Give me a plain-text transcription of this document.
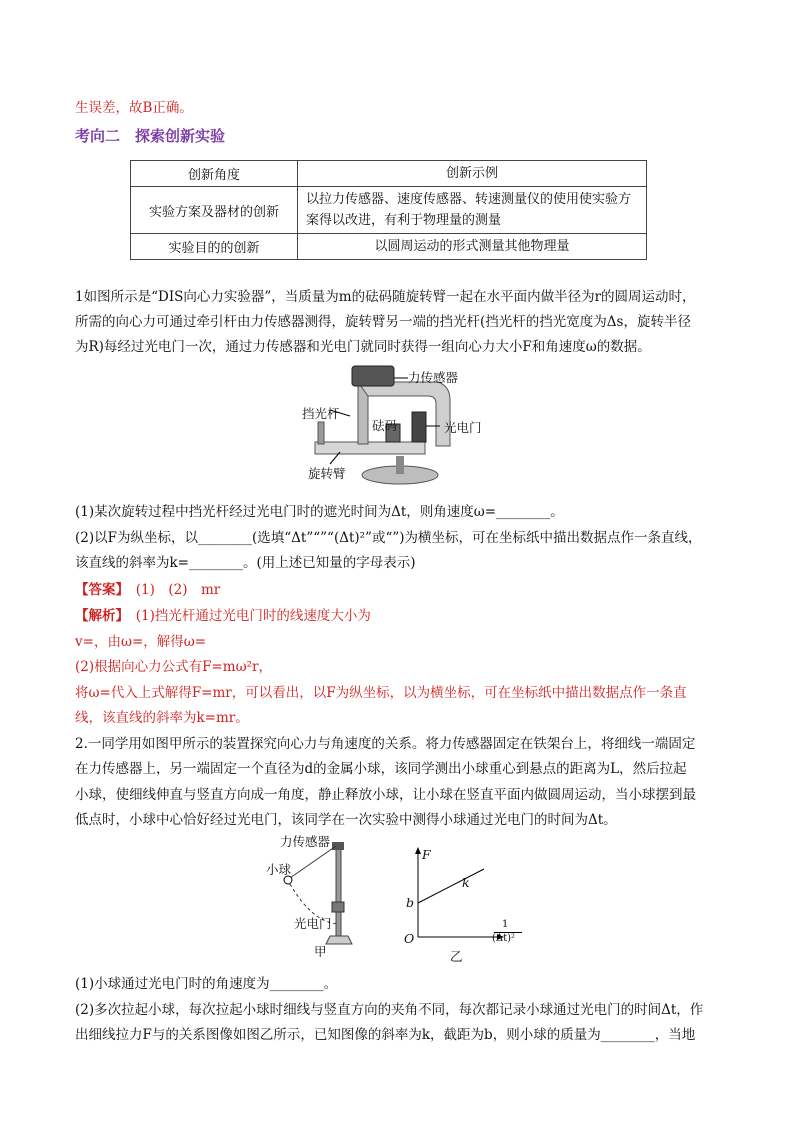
生误差，故B正确。
考向二　探索创新实验
创新角度	创新示例
实验方案及器材的创新	以拉力传感器、速度传感器、转速测量仪的使用使实验方
案得以改进，有利于物理量的测量

实验目的的创新	以圆周运动的形式测量其他物理量
1如图所示是“DIS向心力实验器”，当质量为m的砝码随旋转臂一起在水平面内做半径为r的圆周运动时，
所需的向心力可通过牵引杆由力传感器测得，旋转臂另一端的挡光杆(挡光杆的挡光宽度为Δs，旋转半径
为R)每经过光电门一次，通过力传感器和光电门就同时获得一组向心力大小F和角速度ω的数据。
力传感器
挡光杆
砝码	光电门
旋转臂
(1)某次旋转过程中挡光杆经过光电门时的遮光时间为Δt，则角速度ω=________。
(2)以F为纵坐标，以________(选填“Δt”“”“(Δt)²”或“”)为横坐标，可在坐标纸中描出数据点作一条直线，
该直线的斜率为k=________。(用上述已知量的字母表示)
【答案】　(1)　(2)　mr
【解析】　(1)挡光杆通过光电门时的线速度大小为
v=，由ω=，解得ω=
(2)根据向心力公式有F=mω²r，
将ω=代入上式解得F=mr，可以看出，以F为纵坐标，以为横坐标，可在坐标纸中描出数据点作一条直
线，该直线的斜率为k=mr。
2.一同学用如图甲所示的装置探究向心力与角速度的关系。将力传感器固定在铁架台上，将细线一端固定
在力传感器上，另一端固定一个直径为d的金属小球，该同学测出小球重心到悬点的距离为L，然后拉起
小球，使细线伸直与竖直方向成一角度，静止释放小球，让小球在竖直平面内做圆周运动，当小球摆到最
低点时，小球中心恰好经过光电门，该同学在一次实验中测得小球通过光电门的时间为Δt。
力传感器
小球
光电门
甲
F
b
k
O
1
(Δt)²
乙
(1)小球通过光电门时的角速度为________。
(2)多次拉起小球，每次拉起小球时细线与竖直方向的夹角不同，每次都记录小球通过光电门的时间Δt，作
出细线拉力F与的关系图像如图乙所示，已知图像的斜率为k，截距为b，则小球的质量为________，当地
